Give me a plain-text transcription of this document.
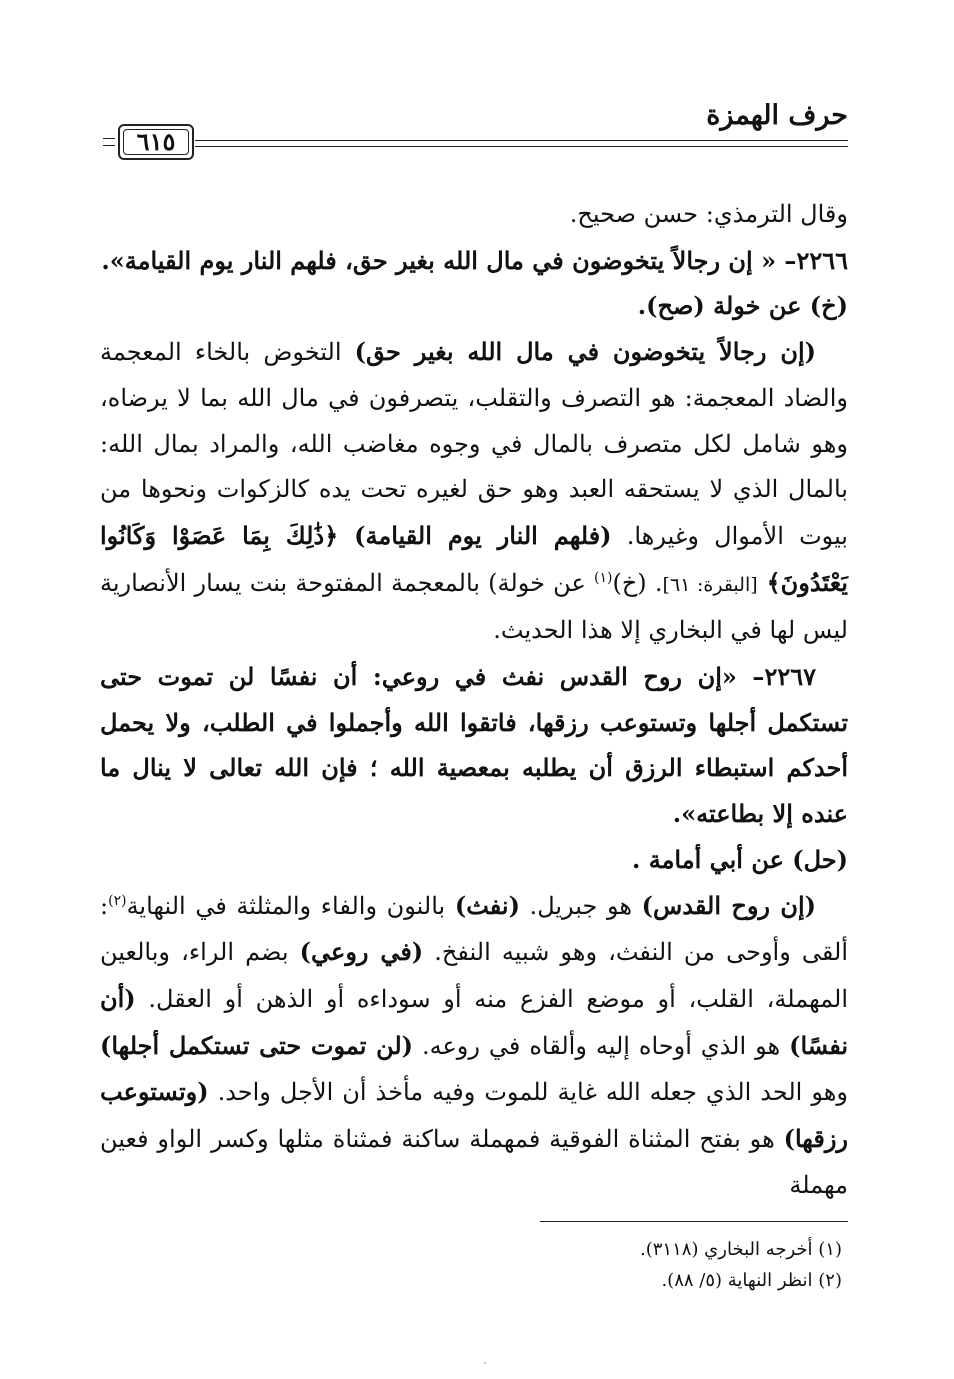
حرف الهمزة
٦١٥

وقال الترمذي: حسن صحيح.

٢٢٦٦– « إن رجالاً يتخوضون في مال الله بغير حق، فلهم النار يوم القيامة».

(خ) عن خولة (صح).

(إن رجالاً يتخوضون في مال الله بغير حق) التخوض بالخاء المعجمة والضاد المعجمة: هو التصرف والتقلب، يتصرفون في مال الله بما لا يرضاه، وهو شامل لكل متصرف بالمال في وجوه مغاضب الله، والمراد بمال الله: بالمال الذي لا يستحقه العبد وهو حق لغيره تحت يده كالزكوات ونحوها من بيوت الأموال وغيرها. (فلهم النار يوم القيامة) ﴿ذَٰلِكَ بِمَا عَصَوْا وَكَانُوا يَعْتَدُونَ﴾ [البقرة: ٦١]. (خ)$^{(١)}$ عن خولة) بالمعجمة المفتوحة بنت يسار الأنصارية ليس لها في البخاري إلا هذا الحديث.

٢٢٦٧– «إن روح القدس نفث في روعي: أن نفسًا لن تموت حتى تستكمل أجلها وتستوعب رزقها، فاتقوا الله وأجملوا في الطلب، ولا يحمل أحدكم استبطاء الرزق أن يطلبه بمعصية الله ؛ فإن الله تعالى لا ينال ما عنده إلا بطاعته».

(حل) عن أبي أمامة .

(إن روح القدس) هو جبريل. (نفث) بالنون والفاء والمثلثة في النهاية$^{(٢)}$: ألقى وأوحى من النفث، وهو شبيه النفخ. (في روعي) بضم الراء، وبالعين المهملة، القلب، أو موضع الفزع منه أو سوداءه أو الذهن أو العقل. (أن نفسًا) هو الذي أوحاه إليه وألقاه في روعه. (لن تموت حتى تستكمل أجلها) وهو الحد الذي جعله الله غاية للموت وفيه مأخذ أن الأجل واحد. (وتستوعب رزقها) هو بفتح المثناة الفوقية فمهملة ساكنة فمثناة مثلها وكسر الواو فعين مهملة

(١) أخرجه البخاري (٣١١٨).

(٢) انظر النهاية (٥/ ٨٨).
